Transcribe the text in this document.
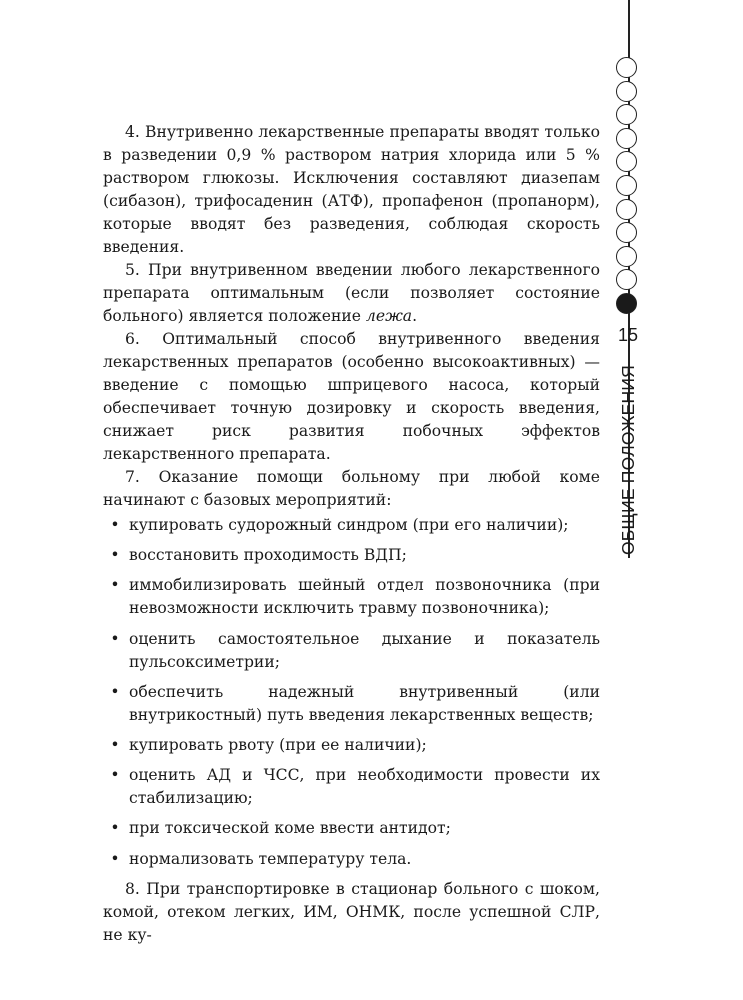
4. Внутривенно лекарственные препараты вводят только в разведении 0,9 % раствором натрия хлорида или 5 % раствором глюкозы. Исключения составляют диазепам (сибазон), трифосаденин (АТФ), пропафенон (пропанорм), которые вводят без разведения, соблюдая скорость введения.

5. При внутривенном введении любого лекарственного препарата оптимальным (если позволяет состояние больного) является положение лежа.

6. Оптимальный способ внутривенного введения лекарственных препаратов (особенно высокоактивных) — введение с помощью шприцевого насоса, который обеспечивает точную дозировку и скорость введения, снижает риск развития побочных эффектов лекарственного препарата.

7. Оказание помощи больному при любой коме начинают с базовых мероприятий:

• купировать судорожный синдром (при его наличии);
• восстановить проходимость ВДП;
• иммобилизировать шейный отдел позвоночника (при невозможности исключить травму позвоночника);
• оценить самостоятельное дыхание и показатель пульсоксиметрии;
• обеспечить надежный внутривенный (или внутрикостный) путь введения лекарственных веществ;
• купировать рвоту (при ее наличии);
• оценить АД и ЧСС, при необходимости провести их стабилизацию;
• при токсической коме ввести антидот;
• нормализовать температуру тела.

8. При транспортировке в стационар больного с шоком, комой, отеком легких, ИМ, ОНМК, после успешной СЛР, не ку-

15
ОБЩИЕ ПОЛОЖЕНИЯ
